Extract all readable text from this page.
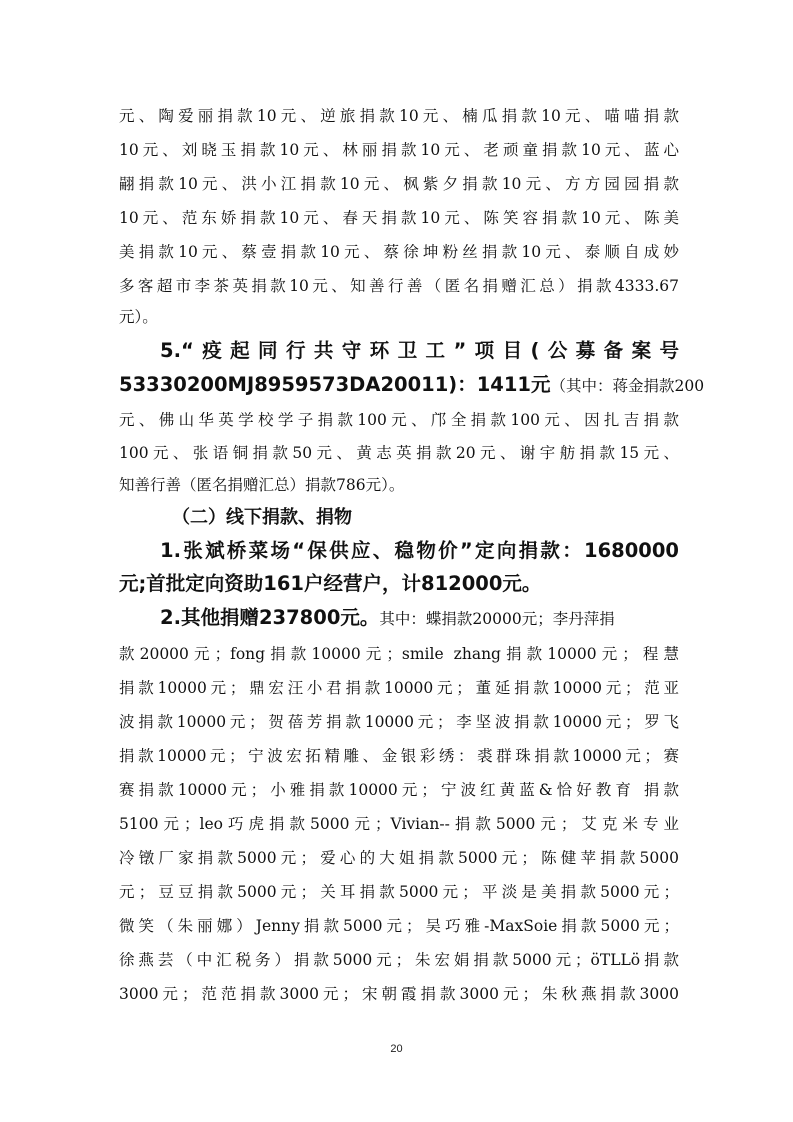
元、陶爱丽捐款10元、逆旅捐款10元、楠瓜捐款10元、喵喵捐款
10元、刘晓玉捐款10元、林丽捐款10元、老顽童捐款10元、蓝心
翤捐款10元、洪小江捐款10元、枫紫夕捐款10元、方方园园捐款
10元、范东娇捐款10元、春天捐款10元、陈笑容捐款10元、陈美
美捐款10元、蔡壹捐款10元、蔡徐坤粉丝捐款10元、泰顺自成妙
多客超市李茶英捐款10元、知善行善（匿名捐赠汇总）捐款4333.67
元）。
5.“疫起同行共守环卫工”项目(公募备案号
53330200MJ8959573DA20011)：1411元（其中：蒋金捐款200
元、佛山华英学校学子捐款100元、邝全捐款100元、因扎吉捐款
100元、张语铜捐款50元、黄志英捐款20元、谢宇舫捐款15元、
知善行善（匿名捐赠汇总）捐款786元）。
（二）线下捐款、捐物
1.张斌桥菜场“保供应、稳物价”定向捐款：1680000
元;首批定向资助161户经营户，计812000元。
2.其他捐赠237800元。其中：蝶捐款20000元；李丹萍捐
款20000元；fong捐款10000元；smile zhang捐款10000元；程慧
捐款10000元；鼎宏汪小君捐款10000元；董延捐款10000元；范亚
波捐款10000元；贺蓓芳捐款10000元；李坚波捐款10000元；罗飞
捐款10000元；宁波宏拓精雕、金银彩绣：裘群珠捐款10000元；赛
赛捐款10000元；小雅捐款10000元；宁波红黄蓝&恰好教育 捐款
5100元；leo巧虎捐款5000元；Vivian--捐款5000元；艾克米专业
冷镦厂家捐款5000元；爱心的大姐捐款5000元；陈健苹捐款5000
元；豆豆捐款5000元；关耳捐款5000元；平淡是美捐款5000元；
微笑（朱丽娜）Jenny捐款5000元；吴巧雅-MaxSoie捐款5000元；
徐燕芸（中汇税务）捐款5000元；朱宏娟捐款5000元；öTLLö捐款
3000元；范范捐款3000元；宋朝霞捐款3000元；朱秋燕捐款3000
20
